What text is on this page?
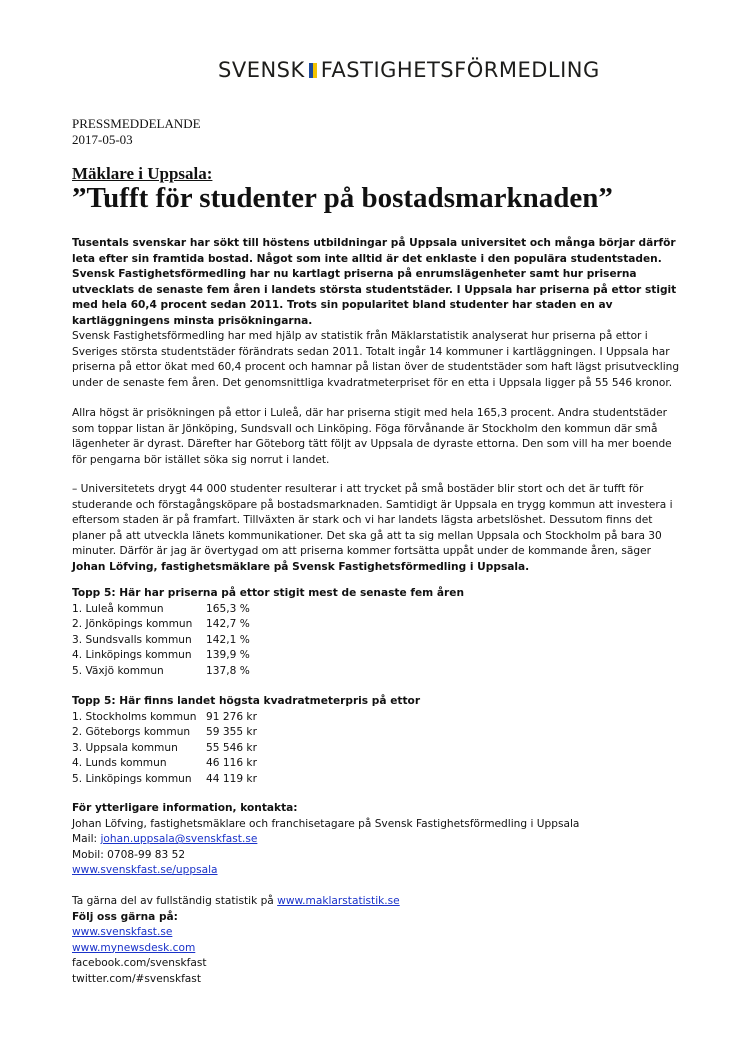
SVENSK FASTIGHETSFÖRMEDLING
PRESSMEDDELANDE
2017-05-03
Mäklare i Uppsala:
”Tufft för studenter på bostadsmarknaden”

Tusentals svenskar har sökt till höstens utbildningar på Uppsala universitet och många börjar därför leta efter sin framtida bostad. Något som inte alltid är det enklaste i den populära studentstaden. Svensk Fastighetsförmedling har nu kartlagt priserna på enrumslägenheter samt hur priserna utvecklats de senaste fem åren i landets största studentstäder. I Uppsala har priserna på ettor stigit med hela 60,4 procent sedan 2011. Trots sin popularitet bland studenter har staden en av kartläggningens minsta prisökningarna.

Svensk Fastighetsförmedling har med hjälp av statistik från Mäklarstatistik analyserat hur priserna på ettor i Sveriges största studentstäder förändrats sedan 2011. Totalt ingår 14 kommuner i kartläggningen. I Uppsala har priserna på ettor ökat med 60,4 procent och hamnar på listan över de studentstäder som haft lägst prisutveckling under de senaste fem åren. Det genomsnittliga kvadratmeterpriset för en etta i Uppsala ligger på 55 546 kronor.

Allra högst är prisökningen på ettor i Luleå, där har priserna stigit med hela 165,3 procent. Andra studentstäder som toppar listan är Jönköping, Sundsvall och Linköping. Föga förvånande är Stockholm den kommun där små lägenheter är dyrast. Därefter har Göteborg tätt följt av Uppsala de dyraste ettorna. Den som vill ha mer boende för pengarna bör istället söka sig norrut i landet.

– Universitetets drygt 44 000 studenter resulterar i att trycket på små bostäder blir stort och det är tufft för studerande och förstagångsköpare på bostadsmarknaden. Samtidigt är Uppsala en trygg kommun att investera i eftersom staden är på framfart. Tillväxten är stark och vi har landets lägsta arbetslöshet. Dessutom finns det planer på att utveckla länets kommunikationer. Det ska gå att ta sig mellan Uppsala och Stockholm på bara 30 minuter. Därför är jag är övertygad om att priserna kommer fortsätta uppåt under de kommande åren, säger Johan Löfving, fastighetsmäklare på Svensk Fastighetsförmedling i Uppsala.

Topp 5: Här har priserna på ettor stigit mest de senaste fem åren
1. Luleå kommun	165,3 %
2. Jönköpings kommun	142,7 %
3. Sundsvalls kommun	142,1 %
4. Linköpings kommun	139,9 %
5. Växjö kommun	137,8 %
Topp 5: Här finns landet högsta kvadratmeterpris på ettor
1. Stockholms kommun 91 276 kr
2. Göteborgs kommun	59 355 kr
3. Uppsala kommun	55 546 kr
4. Lunds kommun	46 116 kr
5. Linköpings kommun	44 119 kr
För ytterligare information, kontakta:
Johan Löfving, fastighetsmäklare och franchisetagare på Svensk Fastighetsförmedling i Uppsala
Mail: johan.uppsala@svenskfast.se
Mobil: 0708-99 83 52
www.svenskfast.se/uppsala
Ta gärna del av fullständig statistik på www.maklarstatistik.se
Följ oss gärna på:
www.svenskfast.se
www.mynewsdesk.com
facebook.com/svenskfast
twitter.com/#svenskfast
